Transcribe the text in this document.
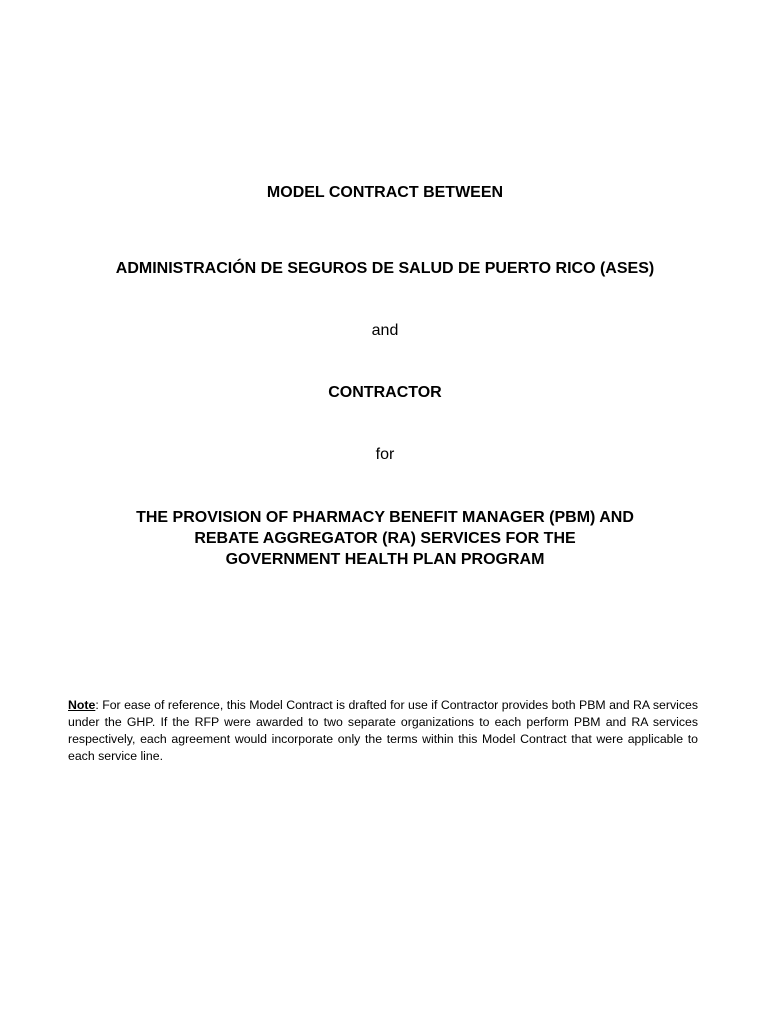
MODEL CONTRACT BETWEEN
ADMINISTRACIÓN DE SEGUROS DE SALUD DE PUERTO RICO (ASES)
and
CONTRACTOR
for
THE PROVISION OF PHARMACY BENEFIT MANAGER (PBM) AND
REBATE AGGREGATOR (RA) SERVICES FOR THE
GOVERNMENT HEALTH PLAN PROGRAM
Note: For ease of reference, this Model Contract is drafted for use if Contractor provides both PBM and RA services under the GHP. If the RFP were awarded to two separate organizations to each perform PBM and RA services respectively, each agreement would incorporate only the terms within this Model Contract that were applicable to each service line.
